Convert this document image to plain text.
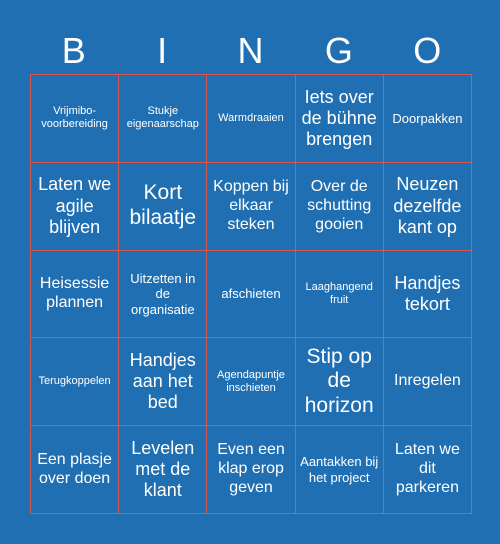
B	I	N	G	O
Vrijmibo-voorbereiding
Stukje eigenaarschap
Warmdraaien
Iets over de bühne brengen
Doorpakken
Laten we agile blijven
Kort bilaatje
Koppen bij elkaar steken
Over de schutting gooien
Neuzen dezelfde kant op
Heisessie plannen
Uitzetten in de organisatie
afschieten	Laaghangend fruit
Handjes tekort
Terugkoppelen
Handjes aan het bed
Agendapuntje inschieten
Stip op de horizon
Inregelen
Een plasje over doen
Levelen met de klant
Even een klap erop geven
Aantakken bij het project
Laten we dit parkeren
